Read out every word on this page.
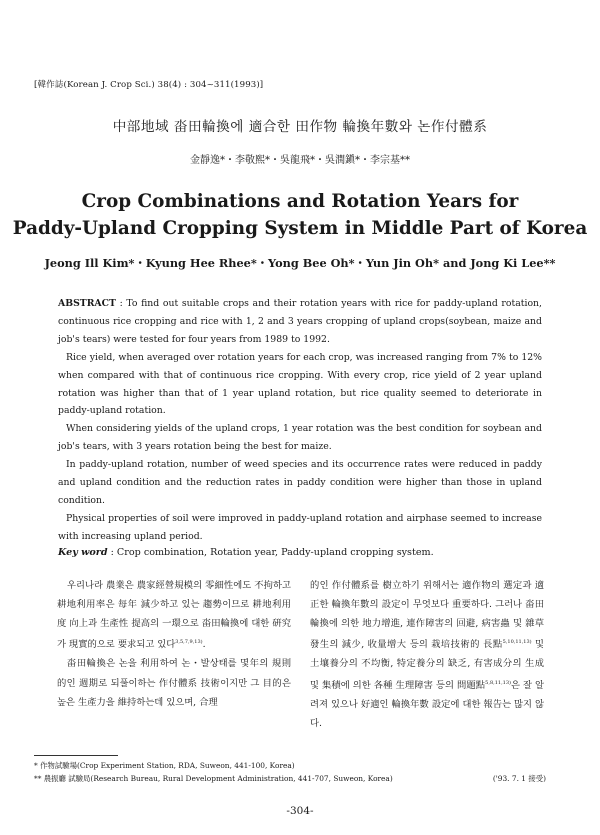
[韓作誌(Korean J. Crop Sci.) 38(4) : 304~311(1993)]
中部地域 畓田輪換에 適合한 田作物 輪換年數와 논作付體系
金靜逸*・李敬熙*・吳龍飛*・吳潤鎭*・李宗基**
Crop Combinations and Rotation Years for
Paddy-Upland Cropping System in Middle Part of Korea
Jeong Ill Kim*・Kyung Hee Rhee*・Yong Bee Oh*・Yun Jin Oh* and Jong Ki Lee**

ABSTRACT : To find out suitable crops and their rotation years with rice for paddy-upland rotation, continuous rice cropping and rice with 1, 2 and 3 years cropping of upland crops(soybean, maize and job's tears) were tested for four years from 1989 to 1992.

Rice yield, when averaged over rotation years for each crop, was increased ranging from 7% to 12% when compared with that of continuous rice cropping. With every crop, rice yield of 2 year upland rotation was higher than that of 1 year upland rotation, but rice quality seemed to deteriorate in paddy-upland rotation.

When considering yields of the upland crops, 1 year rotation was the best condition for soybean and job's tears, with 3 years rotation being the best for maize.

In paddy-upland rotation, number of weed species and its occurrence rates were reduced in paddy and upland condition and the reduction rates in paddy condition were higher than those in upland condition.

Physical properties of soil were improved in paddy-upland rotation and airphase seemed to increase with increasing upland period.

Key word : Crop combination, Rotation year, Paddy-upland cropping system.

우리나라 農業은 農家經營規模의 零細性에도 不拘하고 耕地利用率은 每年 減少하고 있는 趨勢이므로 耕地利用度 向上과 生產性 提高의 一環으로 畓田輪換에 대한 硏究가 現實的으로 要求되고 있다$^{3,5,7,9,13)}$.

畓田輪換은 논을 利用하여 논・발상태를 몇年의 規則的인 週期로 되풀이하는 作付體系 技術이지만 그 目的은 높은 生產力을 維持하는데 있으며, 合理

的인 作付體系를 樹立하기 위해서는 適作物의 選定과 適正한 輪換年數의 設定이 무엇보다 重要하다. 그러나 畓田輪換에 의한 地力增進, 連作障害의 回避, 病害蟲 및 雜草發生의 減少, 收量增大 등의 栽培技術的 長點$^{5,10,11,13)}$ 및 土壤養分의 不均衡, 特定養分의 缺乏, 有害成分의 生成 및 集積에 의한 各種 生理障害 등의 問題點$^{5,8,11,13)}$은 잘 알려져 있으나 好適인 輪換年數 設定에 대한 報告는 많지 않다.

* 作物試驗場(Crop Experiment Station, RDA, Suweon, 441-100, Korea)
** 農振廳 試驗局(Research Bureau, Rural Development Administration, 441-707, Suweon, Korea)	('93. 7. 1 接受)
-304-
